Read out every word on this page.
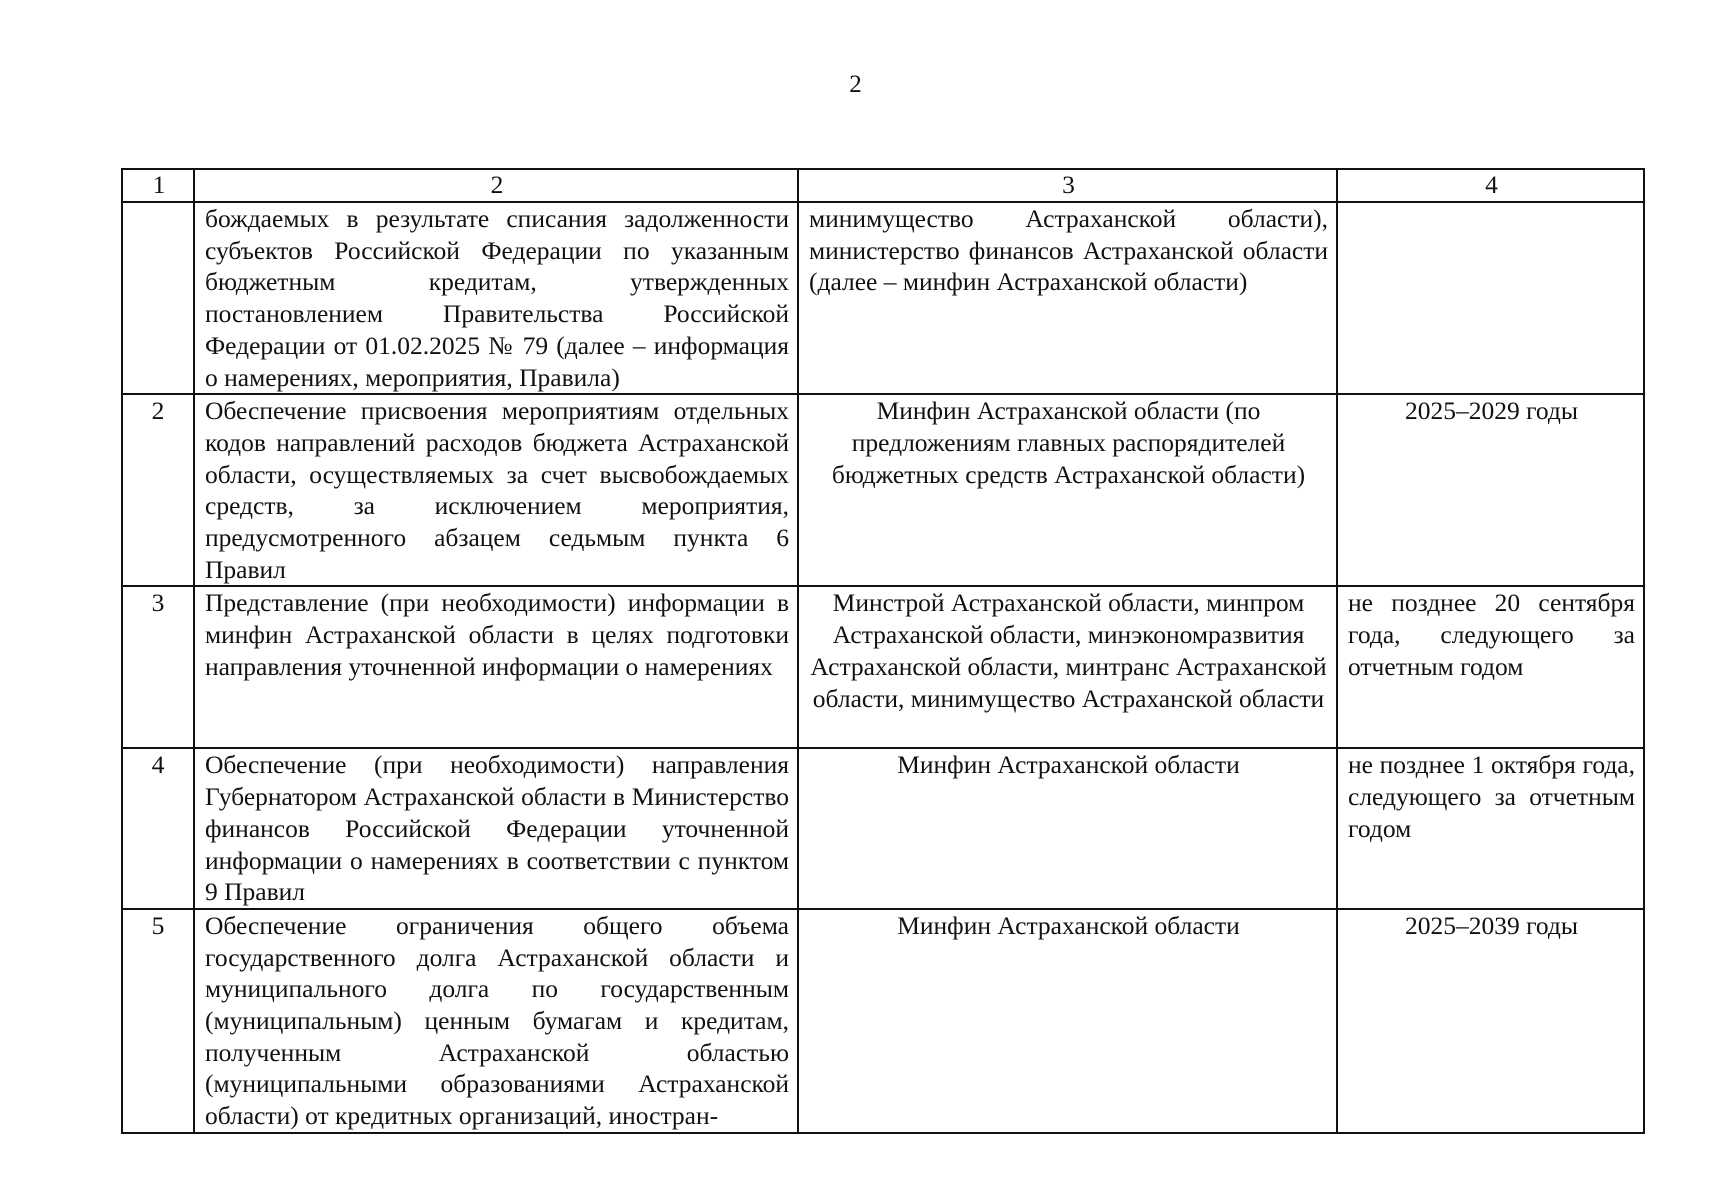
2
1	2	3	4
	бождаемых в результате списания задолженности субъектов Российской Федерации по указанным бюджетным кредитам, утвержденных постановлением Правительства Российской Федерации от 01.02.2025 № 79 (далее – информация о намерениях, мероприятия, Правила)	минимущество Астраханской области), министерство финансов Астраханской области (далее – минфин Астраханской области)	
2	Обеспечение присвоения мероприятиям отдельных кодов направлений расходов бюджета Астраханской области, осуществляемых за счет высвобождаемых средств, за исключением мероприятия, предусмотренного абзацем седьмым пункта 6 Правил	Минфин Астраханской области (по предложениям главных распорядителей бюджетных средств Астраханской области)	2025–2029 годы
3	Представление (при необходимости) информации в минфин Астраханской области в целях подготовки направления уточненной информации о намерениях	Минстрой Астраханской области, минпром Астраханской области, минэкономразвития Астраханской области, минтранс Астраханской области, минимущество Астраханской области	не позднее 20 сентября года, следующего за отчетным годом
4	Обеспечение (при необходимости) направления Губернатором Астраханской области в Министерство финансов Российской Федерации уточненной информации о намерениях в соответствии с пунктом 9 Правил	Минфин Астраханской области	не позднее 1 октября года, следующего за отчетным годом
5	Обеспечение ограничения общего объема государственного долга Астраханской области и муниципального долга по государственным (муниципальным) ценным бумагам и кредитам, полученным Астраханской областью (муниципальными образованиями Астраханской области) от кредитных организаций, иностран-	Минфин Астраханской области	2025–2039 годы
